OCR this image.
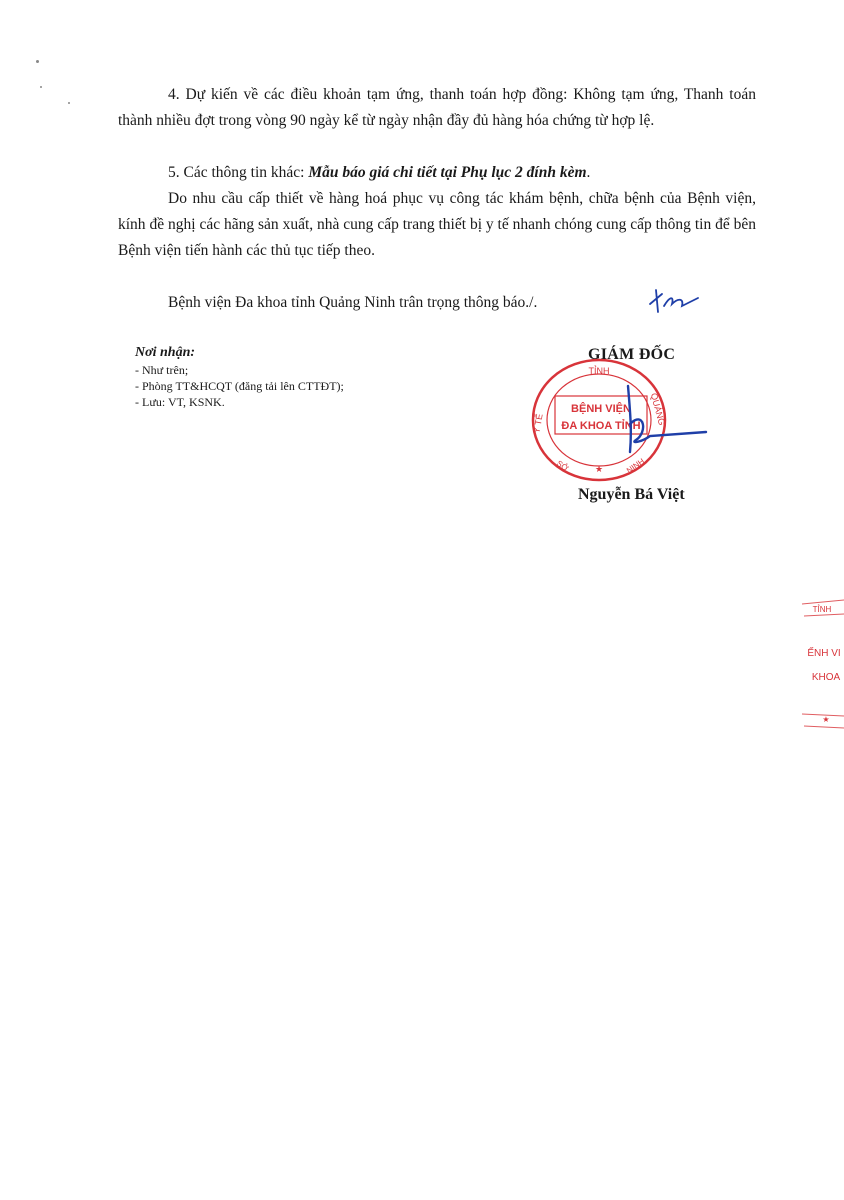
4. Dự kiến về các điều khoản tạm ứng, thanh toán hợp đồng: Không tạm ứng, Thanh toán thành nhiều đợt trong vòng 90 ngày kể từ ngày nhận đầy đủ hàng hóa chứng từ hợp lệ.

5. Các thông tin khác: Mẫu báo giá chi tiết tại Phụ lục 2 đính kèm.

Do nhu cầu cấp thiết về hàng hoá phục vụ công tác khám bệnh, chữa bệnh của Bệnh viện, kính đề nghị các hãng sản xuất, nhà cung cấp trang thiết bị y tế nhanh chóng cung cấp thông tin để bên Bệnh viện tiến hành các thủ tục tiếp theo.

Bệnh viện Đa khoa tỉnh Quảng Ninh trân trọng thông báo./.

Nơi nhận:
- Như trên;
- Phòng TT&HCQT (đăng tải lên CTTĐT);
- Lưu: VT, KSNK.
GIÁM ĐỐC
TỈNH
Y TẾ	QUẢNG
SỞ	NINH
★
BỆNH VIỆN
ĐA KHOA TỈNH
Nguyễn Bá Việt
TỈNH
ẾNH VI
KHOA
★
